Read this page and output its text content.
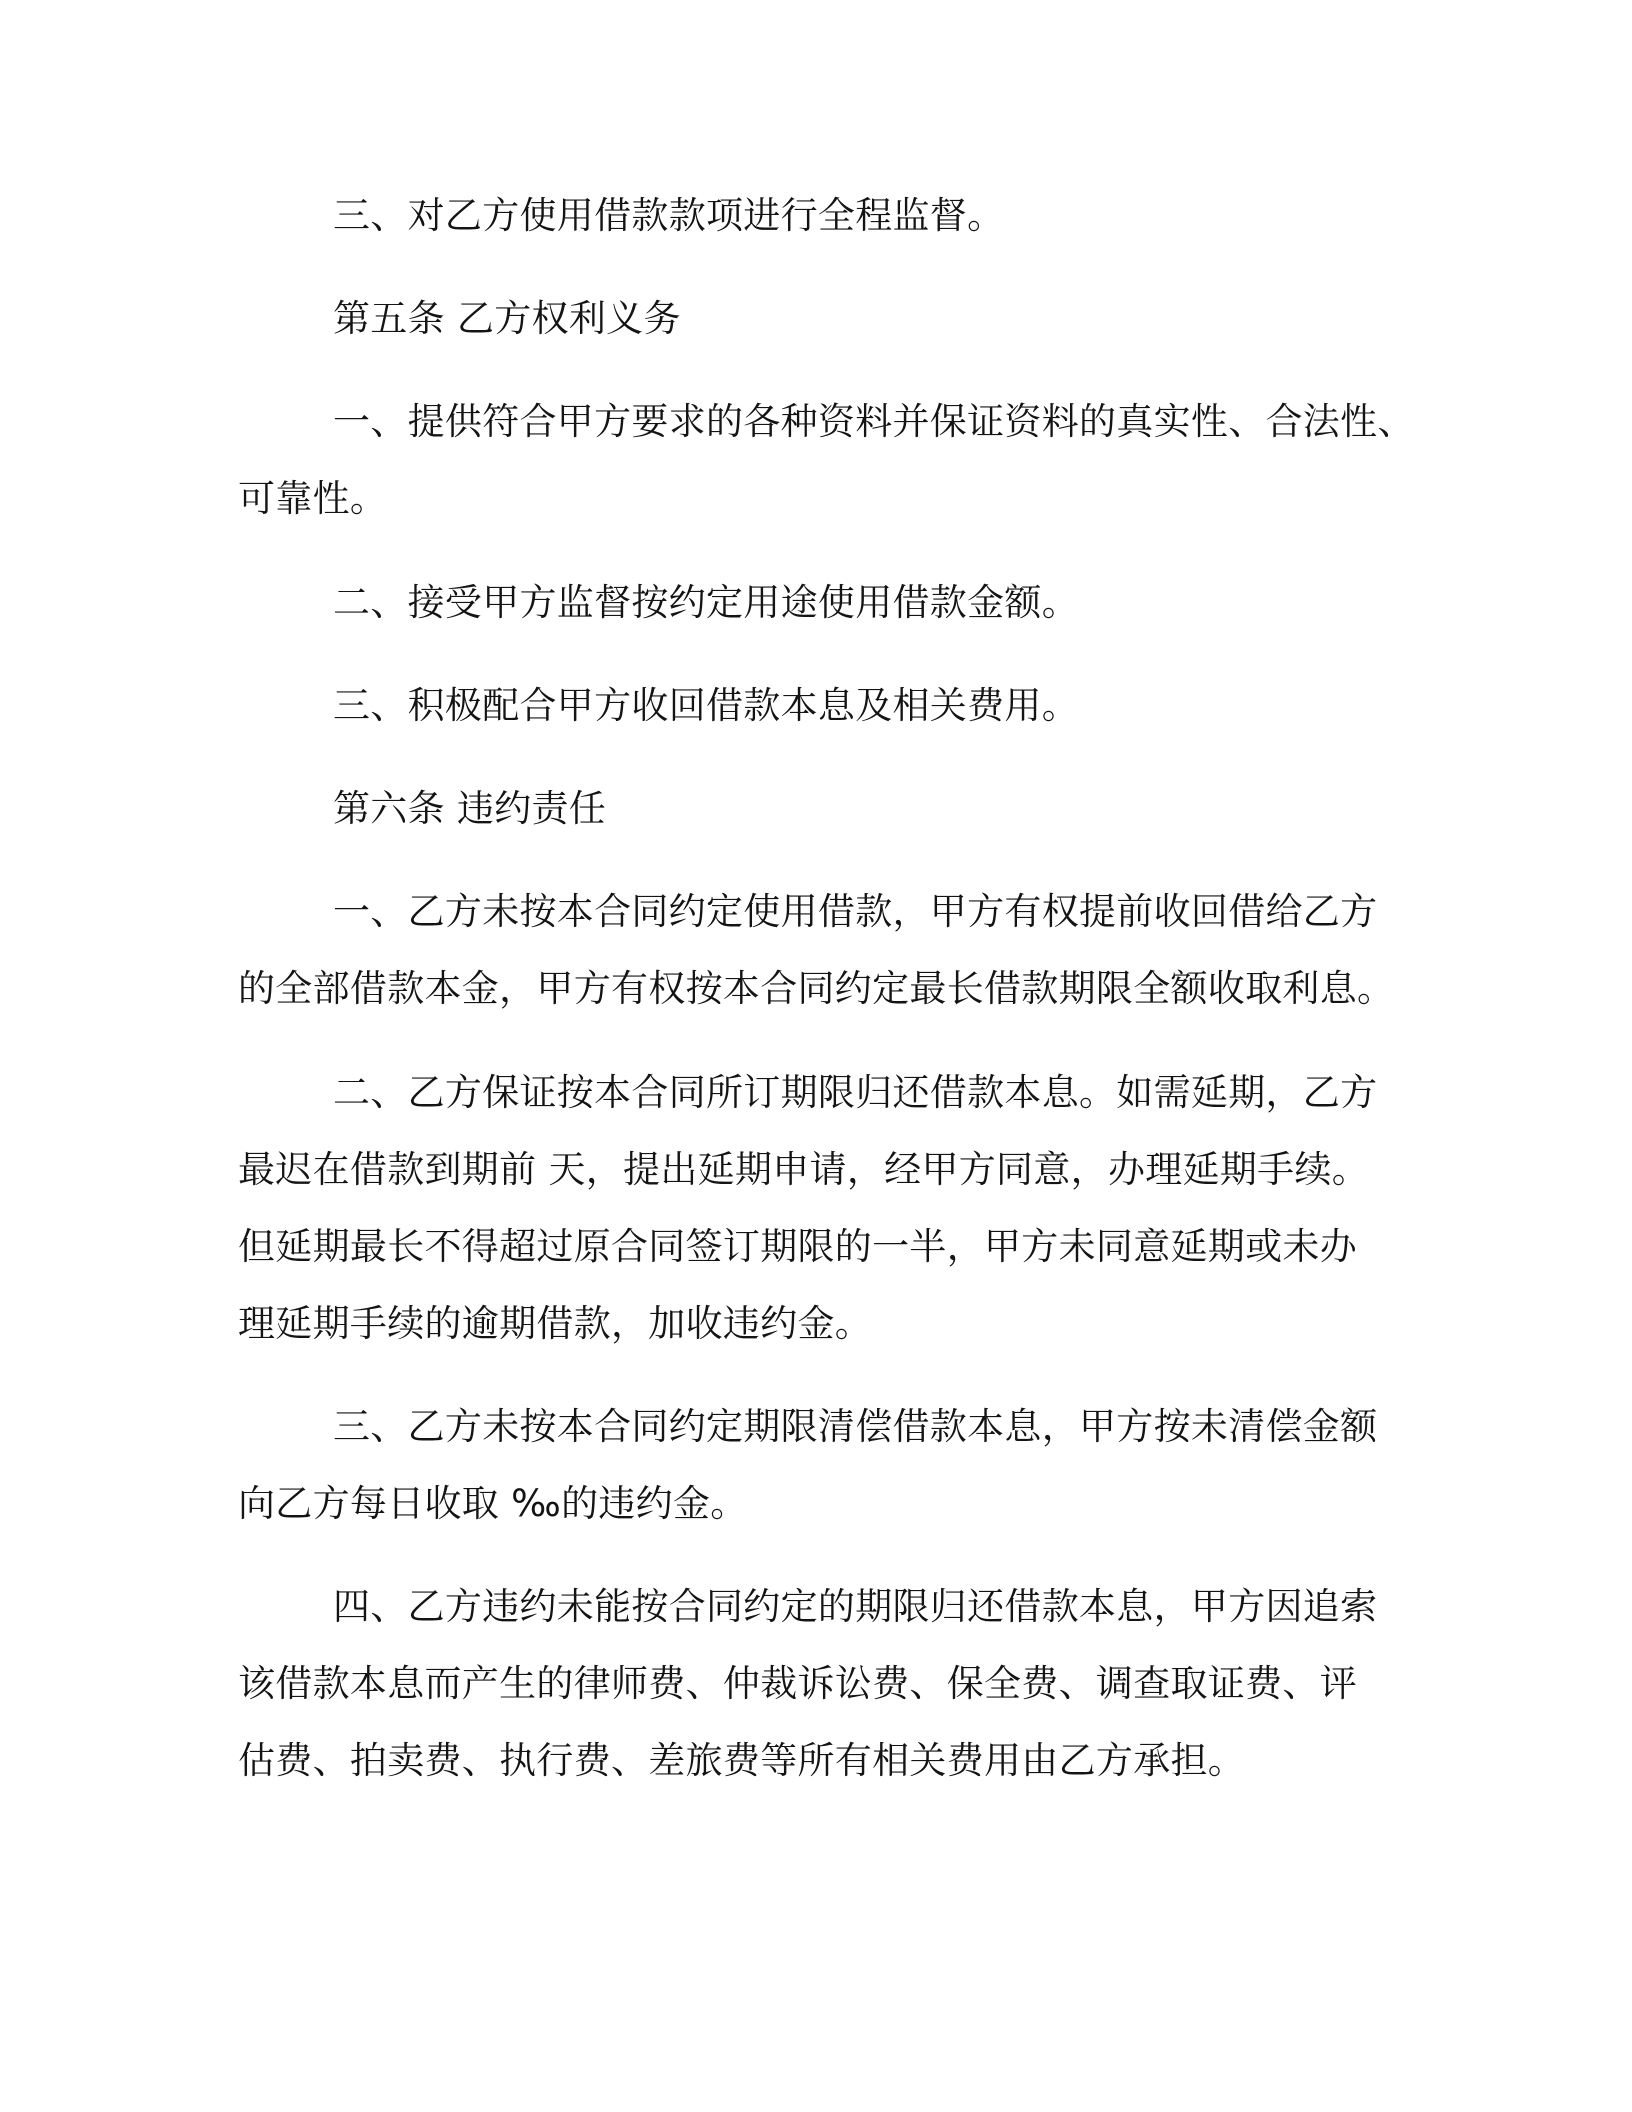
三、对乙方使用借款款项进行全程监督。
第五条 乙方权利义务
一、提供符合甲方要求的各种资料并保证资料的真实性、合法性、
可靠性。
二、接受甲方监督按约定用途使用借款金额。
三、积极配合甲方收回借款本息及相关费用。
第六条 违约责任
一、乙方未按本合同约定使用借款，甲方有权提前收回借给乙方
的全部借款本金，甲方有权按本合同约定最长借款期限全额收取利息。
二、乙方保证按本合同所订期限归还借款本息。如需延期，乙方
最迟在借款到期前 天，提出延期申请，经甲方同意，办理延期手续。
但延期最长不得超过原合同签订期限的一半，甲方未同意延期或未办
理延期手续的逾期借款，加收违约金。
三、乙方未按本合同约定期限清偿借款本息，甲方按未清偿金额
向乙方每日收取 ‰的违约金。
四、乙方违约未能按合同约定的期限归还借款本息，甲方因追索
该借款本息而产生的律师费、仲裁诉讼费、保全费、调查取证费、评
估费、拍卖费、执行费、差旅费等所有相关费用由乙方承担。
